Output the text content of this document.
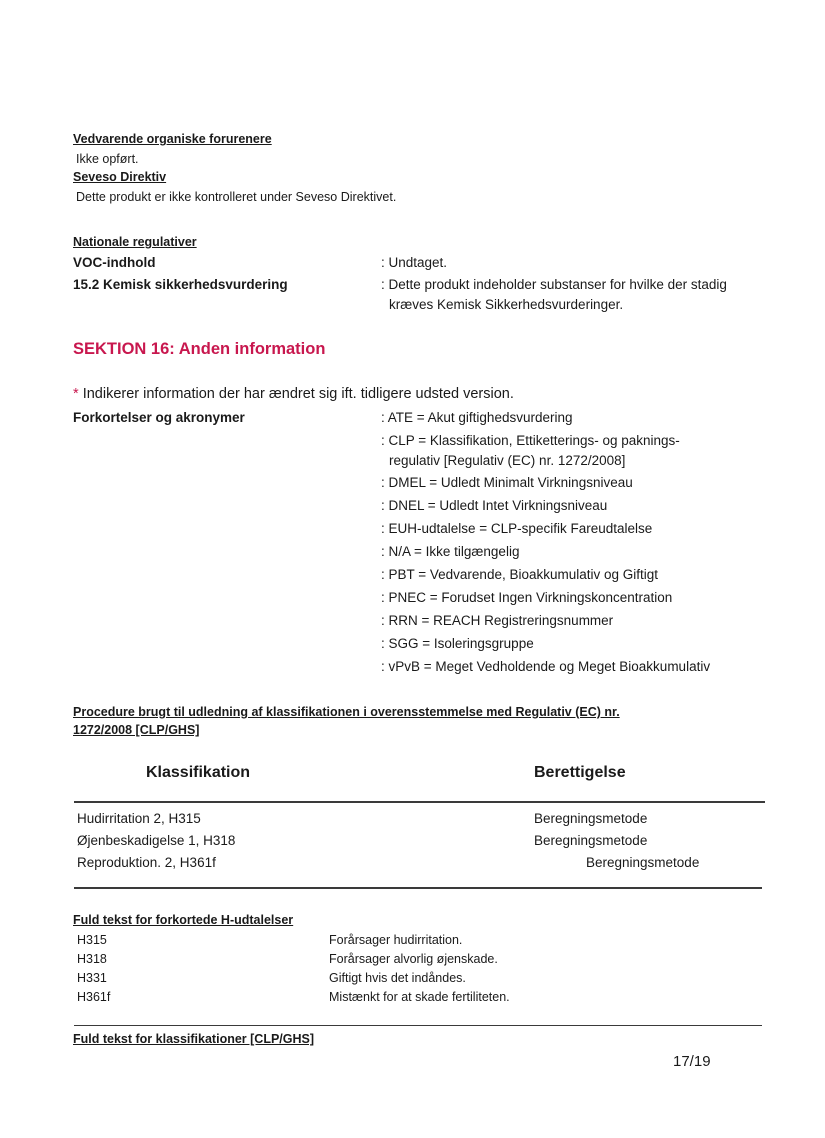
Vedvarende organiske forurenere
Ikke opført.
Seveso Direktiv
Dette produkt er ikke kontrolleret under Seveso Direktivet.
Nationale regulativer
VOC-indhold	: Undtaget.
15.2 Kemisk sikkerhedsvurdering	: Dette produkt indeholder substanser for hvilke der stadig
kræves Kemisk Sikkerhedsvurderinger.
SEKTION 16: Anden information
* Indikerer information der har ændret sig ift. tidligere udsted version.
Forkortelser og akronymer	: ATE = Akut giftighedsvurdering
: CLP = Klassifikation, Ettiketterings- og paknings-
regulativ [Regulativ (EC) nr. 1272/2008]
: DMEL = Udledt Minimalt Virkningsniveau
: DNEL = Udledt Intet Virkningsniveau
: EUH-udtalelse = CLP-specifik Fareudtalelse
: N/A = Ikke tilgængelig
: PBT = Vedvarende, Bioakkumulativ og Giftigt
: PNEC = Forudset Ingen Virkningskoncentration
: RRN = REACH Registreringsnummer
: SGG = Isoleringsgruppe
: vPvB = Meget Vedholdende og Meget Bioakkumulativ
Procedure brugt til udledning af klassifikationen i overensstemmelse med Regulativ (EC) nr.
1272/2008 [CLP/GHS]
Klassifikation	Berettigelse
Hudirritation 2, H315	Beregningsmetode
Øjenbeskadigelse 1, H318	Beregningsmetode
Reproduktion. 2, H361f	Beregningsmetode
Fuld tekst for forkortede H-udtalelser
H315	Forårsager hudirritation.
H318	Forårsager alvorlig øjenskade.
H331	Giftigt hvis det indåndes.
H361f	Mistænkt for at skade fertiliteten.
Fuld tekst for klassifikationer [CLP/GHS]
17/19
